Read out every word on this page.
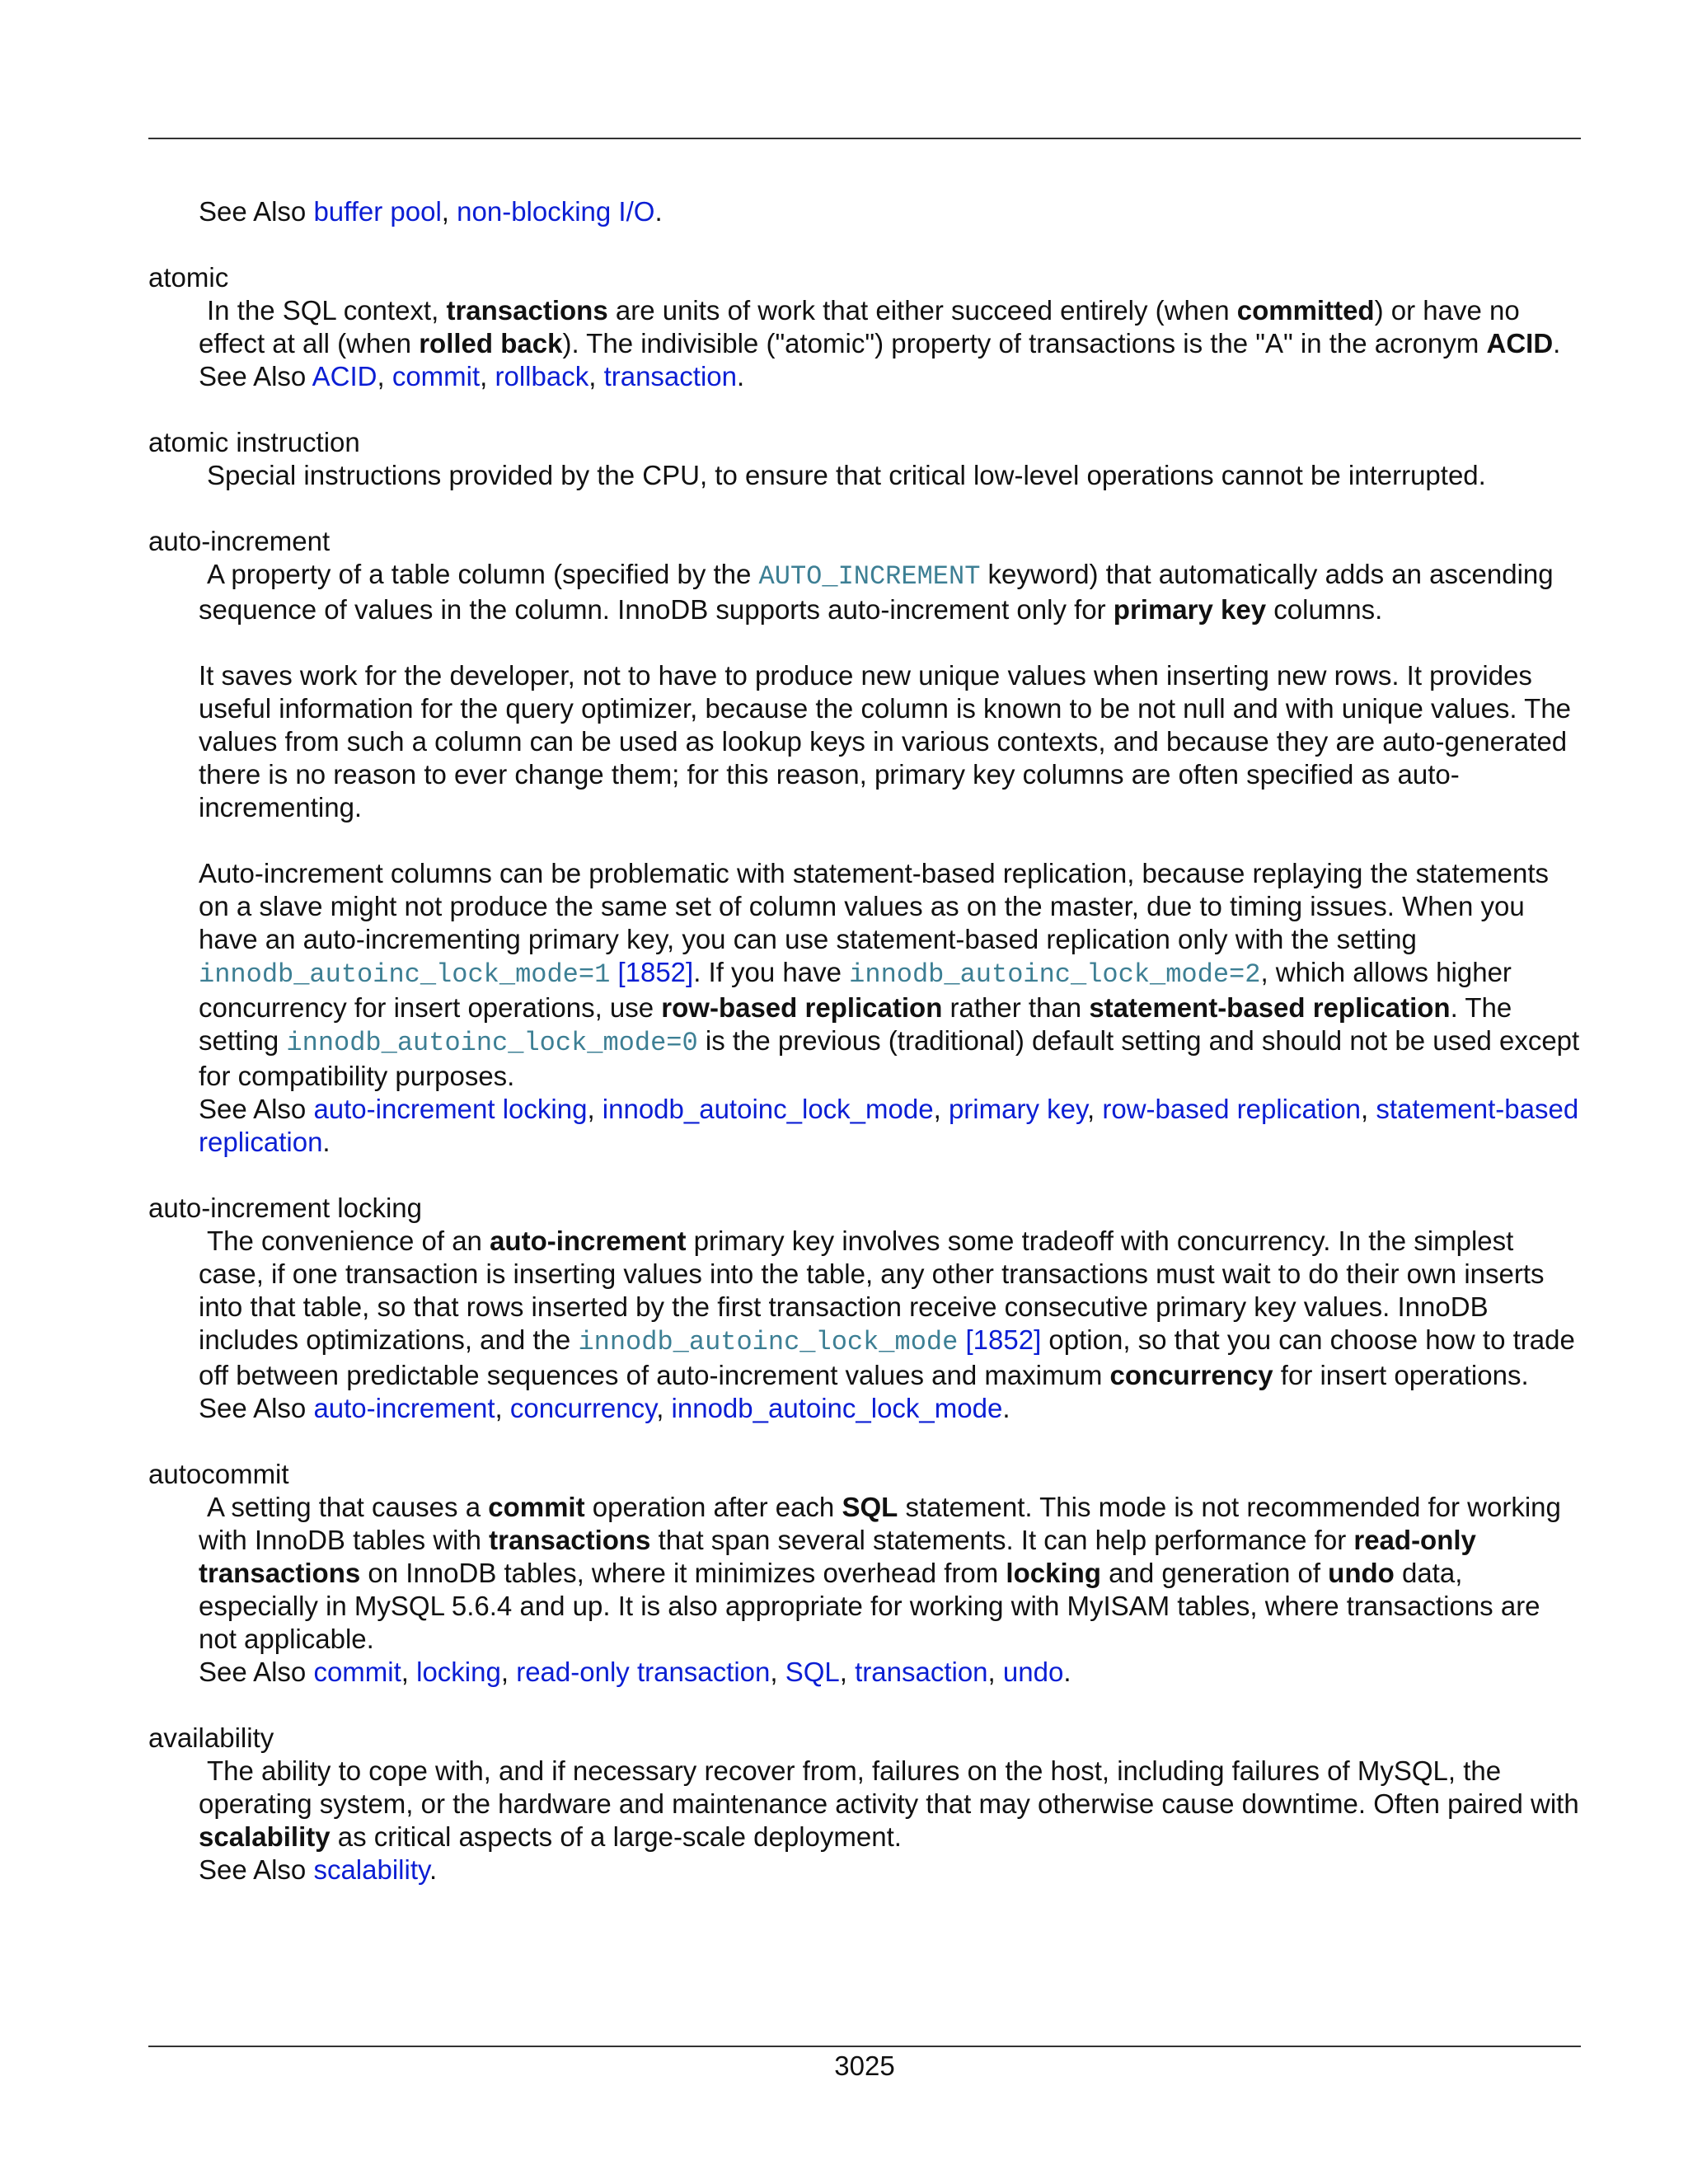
See Also buffer pool, non-blocking I/O.
atomic
In the SQL context, transactions are units of work that either succeed entirely (when committed) or have no effect at all (when rolled back). The indivisible ("atomic") property of transactions is the "A" in the acronym ACID.
See Also ACID, commit, rollback, transaction.
atomic instruction
Special instructions provided by the CPU, to ensure that critical low-level operations cannot be interrupted.
auto-increment
A property of a table column (specified by the AUTO_INCREMENT keyword) that automatically adds an ascending sequence of values in the column. InnoDB supports auto-increment only for primary key columns.
It saves work for the developer, not to have to produce new unique values when inserting new rows. It provides useful information for the query optimizer, because the column is known to be not null and with unique values. The values from such a column can be used as lookup keys in various contexts, and because they are auto-generated there is no reason to ever change them; for this reason, primary key columns are often specified as auto-incrementing.
Auto-increment columns can be problematic with statement-based replication, because replaying the statements on a slave might not produce the same set of column values as on the master, due to timing issues. When you have an auto-incrementing primary key, you can use statement-based replication only with the setting innodb_autoinc_lock_mode=1 [1852]. If you have innodb_autoinc_lock_mode=2, which allows higher concurrency for insert operations, use row-based replication rather than statement-based replication. The setting innodb_autoinc_lock_mode=0 is the previous (traditional) default setting and should not be used except for compatibility purposes.
See Also auto-increment locking, innodb_autoinc_lock_mode, primary key, row-based replication, statement-based replication.
auto-increment locking
The convenience of an auto-increment primary key involves some tradeoff with concurrency. In the simplest case, if one transaction is inserting values into the table, any other transactions must wait to do their own inserts into that table, so that rows inserted by the first transaction receive consecutive primary key values. InnoDB includes optimizations, and the innodb_autoinc_lock_mode [1852] option, so that you can choose how to trade off between predictable sequences of auto-increment values and maximum concurrency for insert operations.
See Also auto-increment, concurrency, innodb_autoinc_lock_mode.
autocommit
A setting that causes a commit operation after each SQL statement. This mode is not recommended for working with InnoDB tables with transactions that span several statements. It can help performance for read-only transactions on InnoDB tables, where it minimizes overhead from locking and generation of undo data, especially in MySQL 5.6.4 and up. It is also appropriate for working with MyISAM tables, where transactions are not applicable.
See Also commit, locking, read-only transaction, SQL, transaction, undo.
availability
The ability to cope with, and if necessary recover from, failures on the host, including failures of MySQL, the operating system, or the hardware and maintenance activity that may otherwise cause downtime. Often paired with scalability as critical aspects of a large-scale deployment.
See Also scalability.
3025
